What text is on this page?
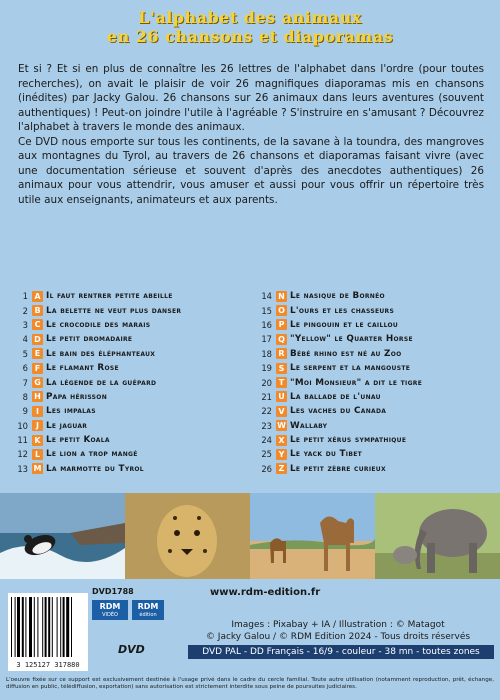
L'alphabet des animaux
en 26 chansons et diaporamas

Et si ? Et si en plus de connaître les 26 lettres de l'alphabet dans l'ordre (pour toutes recherches), on avait le plaisir de voir 26 magnifiques diaporamas mis en chansons (inédites) par Jacky Galou. 26 chansons sur 26 animaux dans leurs aventures (souvent authentiques) ! Peut-on joindre l'utile à l'agréable ? S'instruire en s'amusant ? Découvrez l'alphabet à travers le monde des animaux.

Ce DVD nous emporte sur tous les continents, de la savane à la toundra, des mangroves aux montagnes du Tyrol, au travers de 26 chansons et diaporamas faisant vivre (avec une documentation sérieuse et souvent d'après des anecdotes authentiques) 26 animaux pour vous attendrir, vous amuser et aussi pour vous offrir un répertoire très utile aux enseignants, animateurs et aux parents.

1 A Il faut rentrer petite abeille
2 B La belette ne veut plus danser
3 C Le crocodile des marais
4 D Le petit dromadaire
5 E Le bain des éléphanteaux
6 F Le flamant Rose
7 G La légende de la guépard
8 H Papa hérisson
9	I Les impalas
10	J Le jaguar
11 K Le petit Koala
12 L Le lion a trop mangé
13 M La marmotte du Tyrol
14 N Le nasique de Bornéo
15 O L'ours et les chasseurs
16 P Le pingouin et le caillou
17 Q "Yellow" le Quarter Horse
18 R Bébé rhino est né au Zoo
19 S Le serpent et la mangouste
20 T "Moi Monsieur" a dit le tigre
21 U La ballade de l'unau
22 V Les vaches du Canada
23 W Wallaby
24 X Le petit xérus sympathique
25 Y Le yack du Tibet
26 Z Le petit zèbre curieux
DVD1788
3 125127 317880
RDM
VIDÉO
RDM
édition
DVD
www.rdm-edition.fr
Images : Pixabay + IA / Illustration : © Matagot
© Jacky Galou / © RDM Edition 2024 - Tous droits réservés
DVD PAL - DD Français - 16/9 - couleur - 38 mn - toutes zones
L'oeuvre fixée sur ce support est exclusivement destinée à l'usage privé dans le cadre du cercle familial. Toute autre utilisation (notamment reproduction, prêt, échange, diffusion en public, télédiffusion, exportation) sans autorisation est strictement interdite sous peine de poursuites judiciaires.
